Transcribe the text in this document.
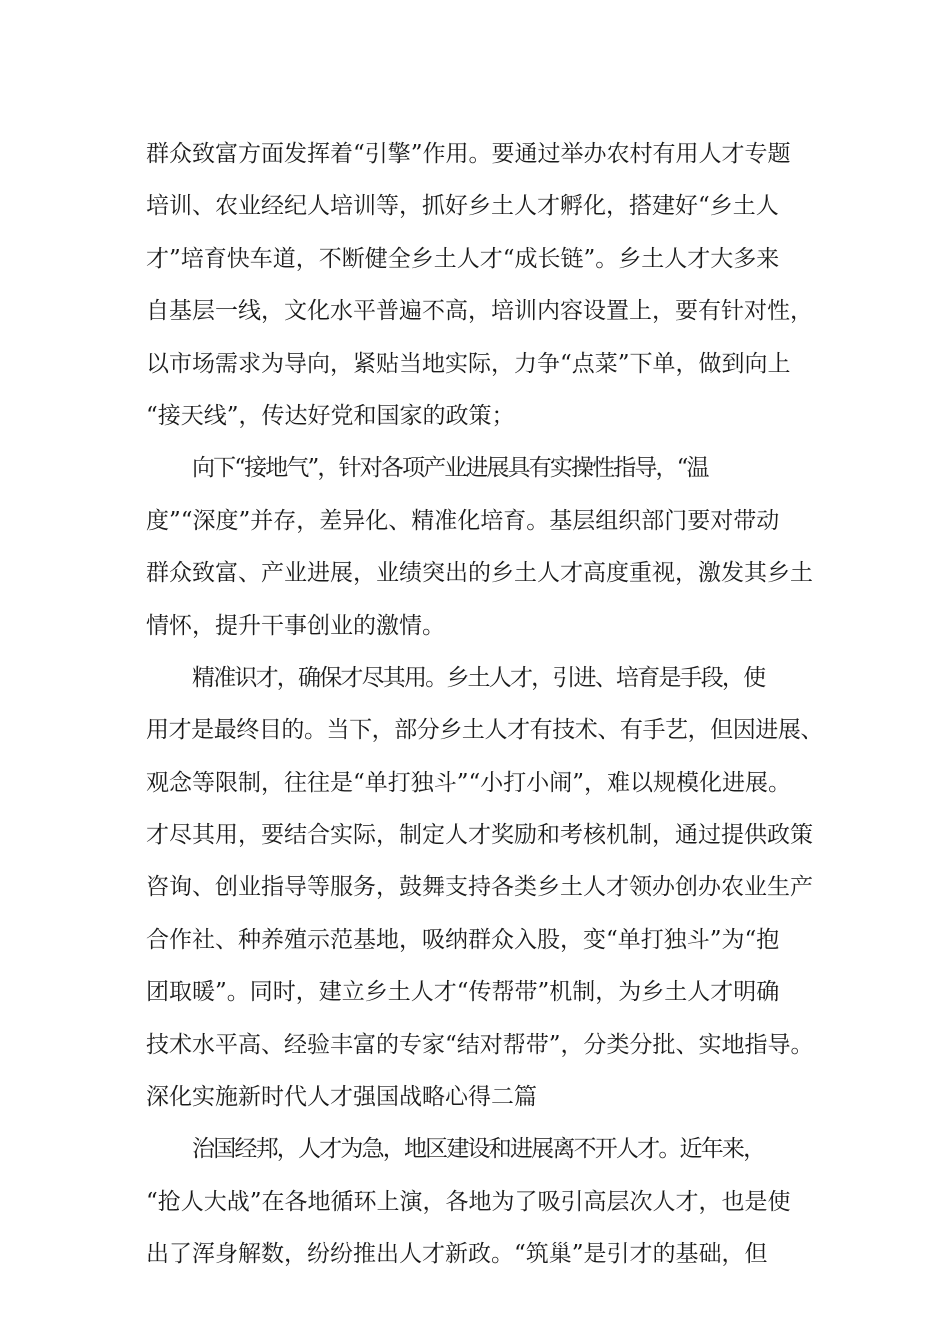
群众致富方面发挥着“引擎”作用。要通过举办农村有用人才专题
培训、农业经纪人培训等，抓好乡土人才孵化，搭建好“乡土人
才”培育快车道，不断健全乡土人才“成长链”。乡土人才大多来
自基层一线，文化水平普遍不高，培训内容设置上，要有针对性，
以市场需求为导向，紧贴当地实际，力争“点菜”下单，做到向上
“接天线”，传达好党和国家的政策；
向下“接地气”，针对各项产业进展具有实操性指导，“温
度”“深度”并存，差异化、精准化培育。基层组织部门要对带动
群众致富、产业进展，业绩突出的乡土人才高度重视，激发其乡土
情怀，提升干事创业的激情。
精准识才，确保才尽其用。乡土人才，引进、培育是手段，使
用才是最终目的。当下，部分乡土人才有技术、有手艺，但因进展、
观念等限制，往往是“单打独斗”“小打小闹”，难以规模化进展。
才尽其用，要结合实际，制定人才奖励和考核机制，通过提供政策
咨询、创业指导等服务，鼓舞支持各类乡土人才领办创办农业生产
合作社、种养殖示范基地，吸纳群众入股，变“单打独斗”为“抱
团取暖”。同时，建立乡土人才“传帮带”机制，为乡土人才明确
技术水平高、经验丰富的专家“结对帮带”，分类分批、实地指导。
深化实施新时代人才强国战略心得二篇
治国经邦，人才为急，地区建设和进展离不开人才。近年来，
“抢人大战”在各地循环上演，各地为了吸引高层次人才，也是使
出了浑身解数，纷纷推出人才新政。“筑巢”是引才的基础，但
